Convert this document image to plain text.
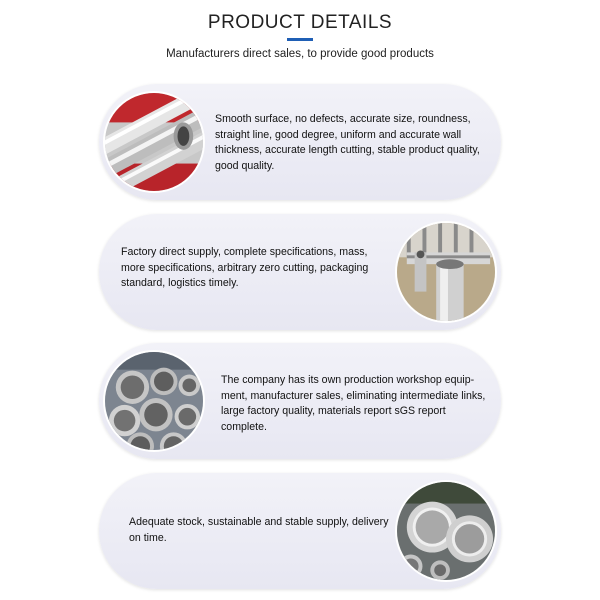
PRODUCT DETAILS
Manufacturers direct sales, to provide good products
Smooth surface, no defects, accurate size, roundness, straight line, good degree, uniform and accurate wall thickness, accurate length cutting, stable product quality, good quality.
Factory direct supply, complete specifications, mass, more specifications, arbitrary zero cutting, packaging standard, logistics timely.
The company has its own production workshop equip-ment, manufacturer sales, eliminating intermediate links, large factory quality, materials report sGS report complete.
Adequate stock, sustainable and stable supply, delivery on time.
